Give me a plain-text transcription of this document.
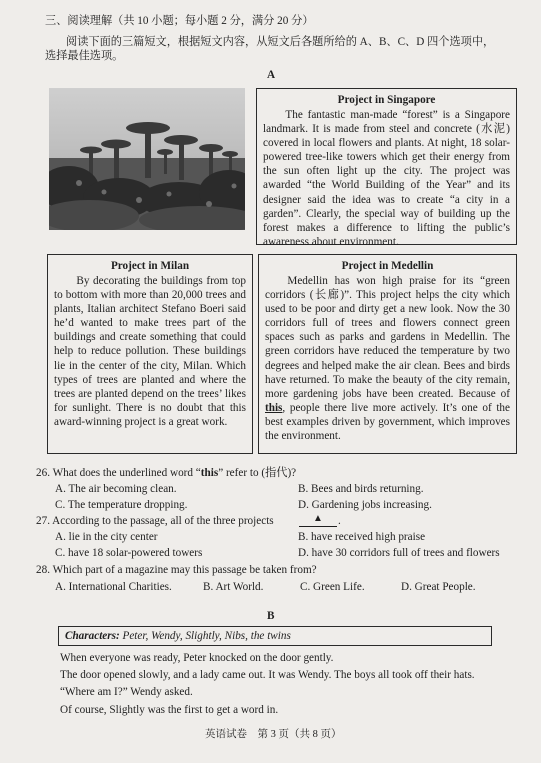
三、阅读理解（共 10 小题；每小题 2 分，满分 20 分）
阅读下面的三篇短文，根据短文内容，从短文后各题所给的 A、B、C、D 四个选项中，
选择最佳选项。
A
Project in Singapore
The fantastic man-made “forest” is a Singapore landmark. It is made from steel and concrete (水泥) covered in local flowers and plants. At night, 18 solar-powered tree-like towers which get their energy from the sun often light up the city. The project was awarded “the World Building of the Year” and its designer said the idea was to create “a city in a garden”. Clearly, the special way of building up the forest makes a difference to lifting the public’s awareness about environment.
Project in Milan
By decorating the buildings from top to bottom with more than 20,000 trees and plants, Italian architect Stefano Boeri said he’d wanted to make trees part of the buildings and create something that could help to reduce pollution. These buildings lie in the center of the city, Milan. Which types of trees are planted and where the trees are planted depend on the trees’ likes for sunlight. There is no doubt that this award-winning project is a great work.
Project in Medellin
Medellin has won high praise for its “green corridors (长廊)”. This project helps the city which used to be poor and dirty get a new look. Now the 30 corridors full of trees and flowers connect green spaces such as parks and gardens in Medellin. The green corridors have reduced the temperature by two degrees and helped make the air clean. Bees and birds have returned. To make the beauty of the city remain, more gardening jobs have been created. Because of this, people there live more actively. It’s one of the best examples driven by government, which improves the environment.
26. What does the underlined word “this” refer to (指代)?
A. The air becoming clean.	B. Bees and birds returning.
C. The temperature dropping.	D. Gardening jobs increasing.
27. According to the passage, all of the three projects	▲	.
A. lie in the city center	B. have received high praise
C. have 18 solar-powered towers	D. have 30 corridors full of trees and flowers
28. Which part of a magazine may this passage be taken from?
A. International Charities.	B. Art World.	C. Green Life.	D. Great People.
B
Characters: Peter, Wendy, Slightly, Nibs, the twins
When everyone was ready, Peter knocked on the door gently.
The door opened slowly, and a lady came out. It was Wendy. The boys all took off their hats.
“Where am I?” Wendy asked.
Of course, Slightly was the first to get a word in.
英语试卷　第 3 页（共 8 页）
